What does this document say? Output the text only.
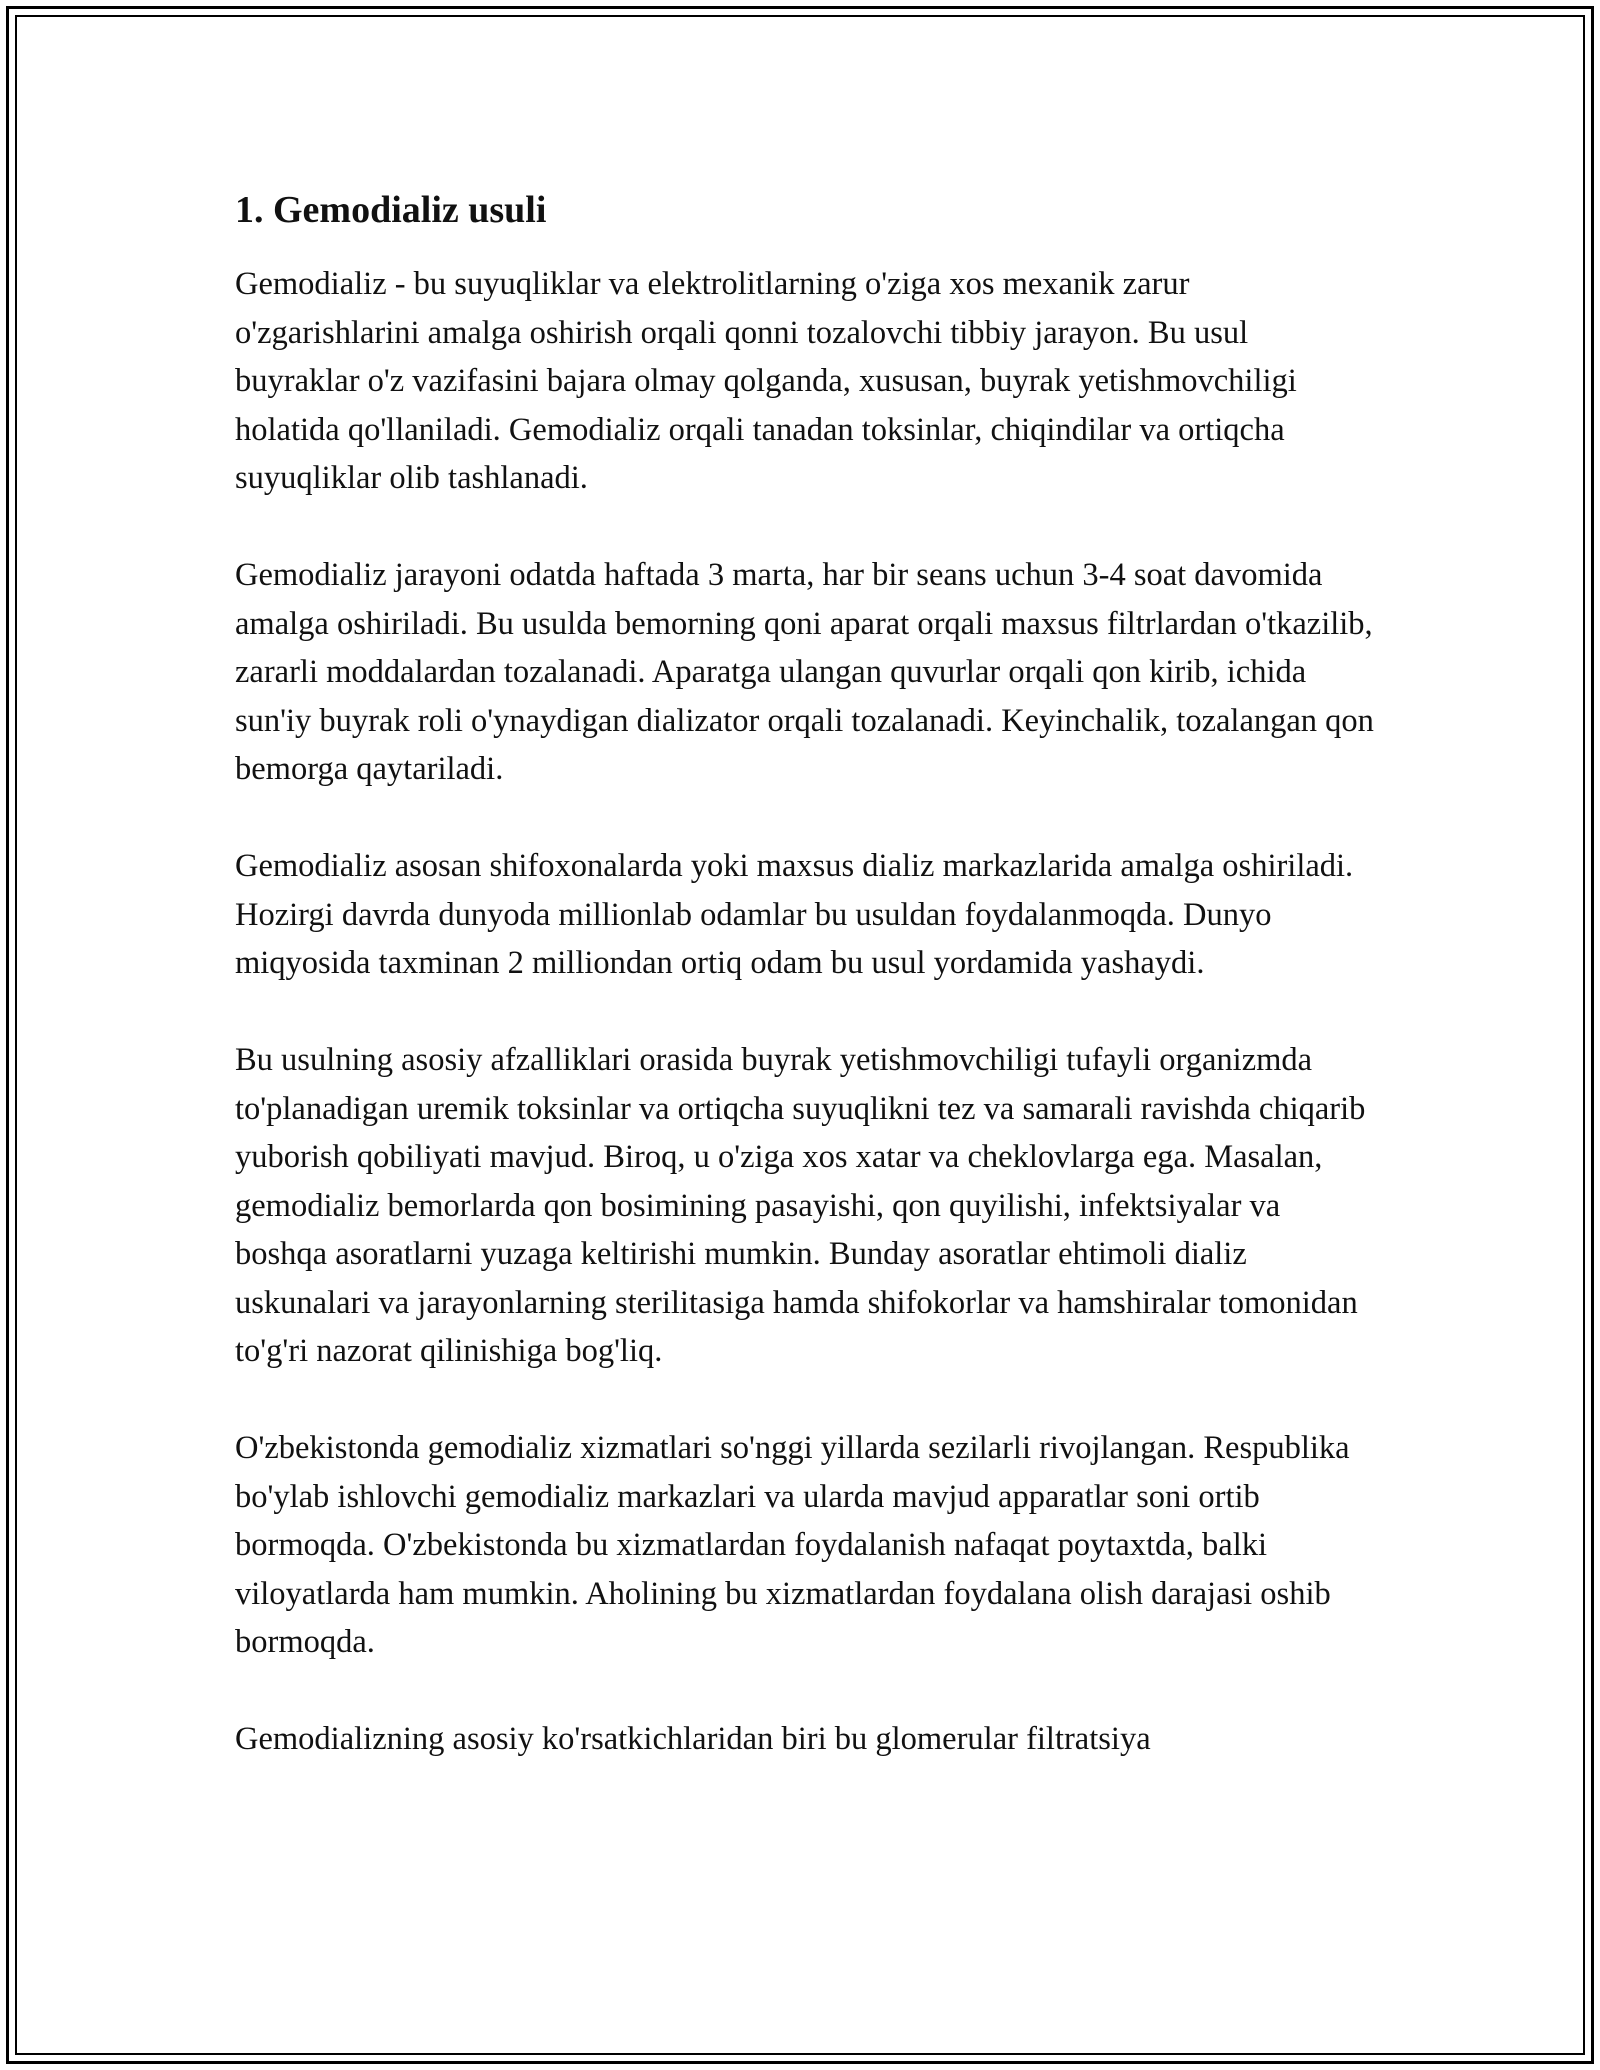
1. Gemodializ usuli

Gemodializ - bu suyuqliklar va elektrolitlarning o'ziga xos mexanik zarur o'zgarishlarini amalga oshirish orqali qonni tozalovchi tibbiy jarayon. Bu usul buyraklar o'z vazifasini bajara olmay qolganda, xususan, buyrak yetishmovchiligi holatida qo'llaniladi. Gemodializ orqali tanadan toksinlar, chiqindilar va ortiqcha suyuqliklar olib tashlanadi.

Gemodializ jarayoni odatda haftada 3 marta, har bir seans uchun 3-4 soat davomida amalga oshiriladi. Bu usulda bemorning qoni aparat orqali maxsus filtrlardan o'tkazilib, zararli moddalardan tozalanadi. Aparatga ulangan quvurlar orqali qon kirib, ichida sun'iy buyrak roli o'ynaydigan dializator orqali tozalanadi. Keyinchalik, tozalangan qon bemorga qaytariladi.

Gemodializ asosan shifoxonalarda yoki maxsus dializ markazlarida amalga oshiriladi. Hozirgi davrda dunyoda millionlab odamlar bu usuldan foydalanmoqda. Dunyo miqyosida taxminan 2 milliondan ortiq odam bu usul yordamida yashaydi.

Bu usulning asosiy afzalliklari orasida buyrak yetishmovchiligi tufayli organizmda to'planadigan uremik toksinlar va ortiqcha suyuqlikni tez va samarali ravishda chiqarib yuborish qobiliyati mavjud. Biroq, u o'ziga xos xatar va cheklovlarga ega. Masalan, gemodializ bemorlarda qon bosimining pasayishi, qon quyilishi, infektsiyalar va boshqa asoratlarni yuzaga keltirishi mumkin. Bunday asoratlar ehtimoli dializ uskunalari va jarayonlarning sterilitasiga hamda shifokorlar va hamshiralar tomonidan to'g'ri nazorat qilinishiga bog'liq.

O'zbekistonda gemodializ xizmatlari so'nggi yillarda sezilarli rivojlangan. Respublika bo'ylab ishlovchi gemodializ markazlari va ularda mavjud apparatlar soni ortib bormoqda. O'zbekistonda bu xizmatlardan foydalanish nafaqat poytaxtda, balki viloyatlarda ham mumkin. Aholining bu xizmatlardan foydalana olish darajasi oshib bormoqda.

Gemodializning asosiy ko'rsatkichlaridan biri bu glomerular filtratsiya
